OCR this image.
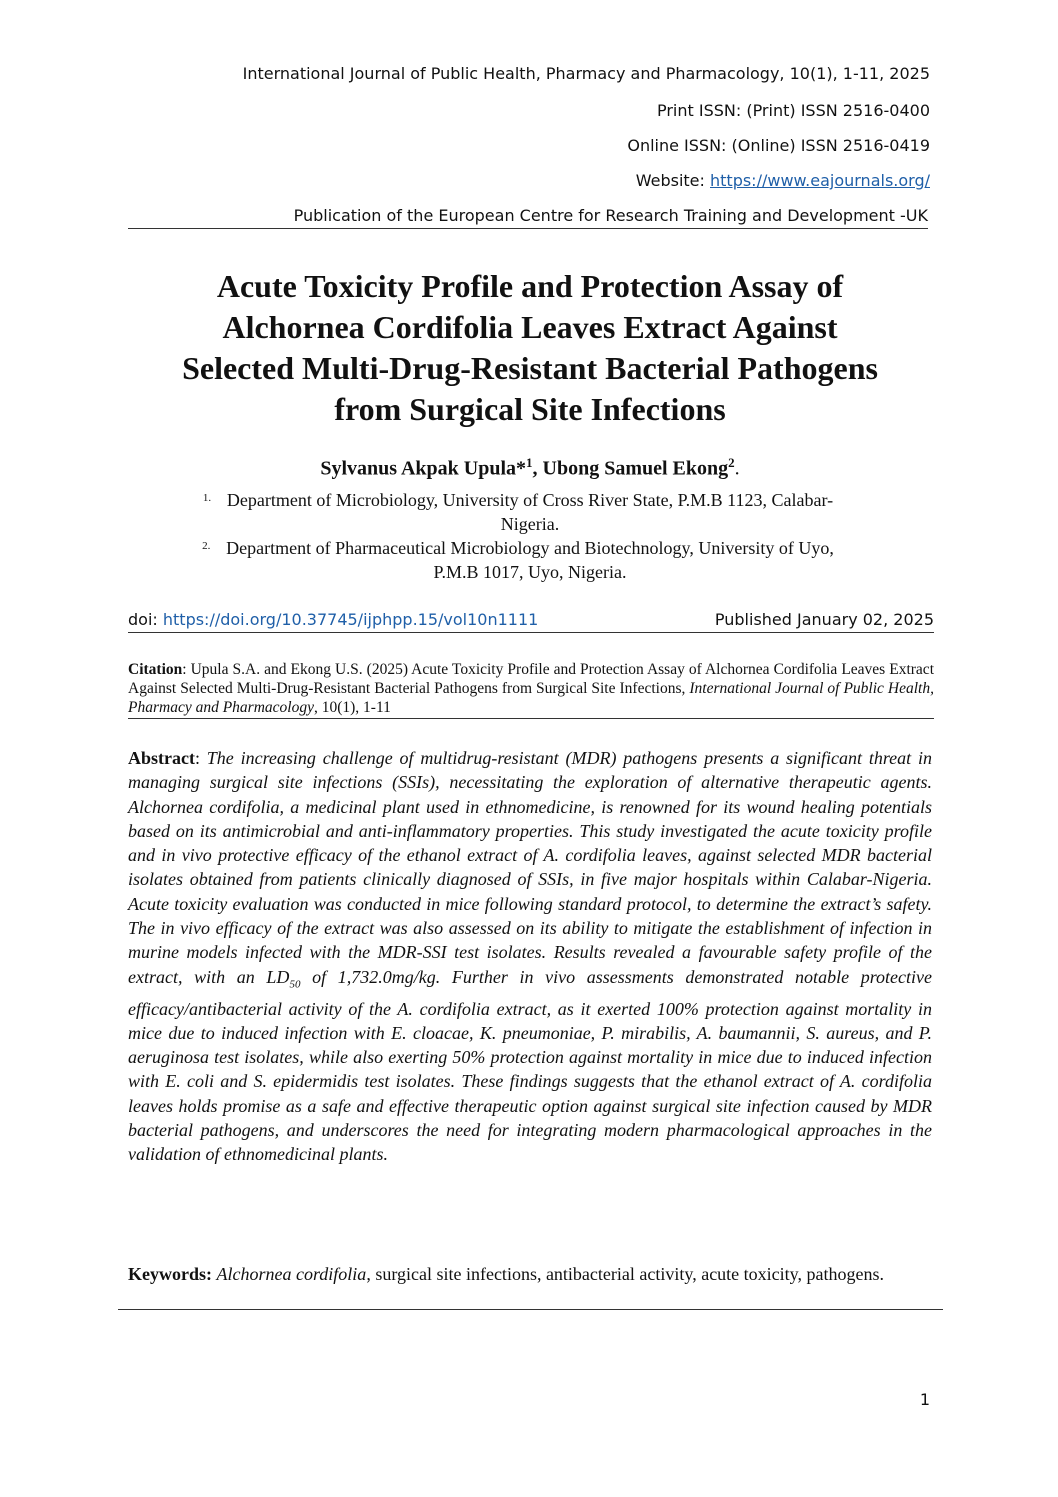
International Journal of Public Health, Pharmacy and Pharmacology, 10(1), 1-11, 2025
Print ISSN: (Print) ISSN 2516-0400
Online ISSN: (Online) ISSN 2516-0419
Website: https://www.eajournals.org/
Publication of the European Centre for Research Training and Development -UK
Acute Toxicity Profile and Protection Assay of
Alchornea Cordifolia Leaves Extract Against
Selected Multi-Drug-Resistant Bacterial Pathogens
from Surgical Site Infections
Sylvanus Akpak Upula*$^1$, Ubong Samuel Ekong$^2$.
1. Department of Microbiology, University of Cross River State, P.M.B 1123, Calabar-
Nigeria.
2. Department of Pharmaceutical Microbiology and Biotechnology, University of Uyo,
P.M.B 1017, Uyo, Nigeria.
doi: https://doi.org/10.37745/ijphpp.15/vol10n1111	Published January 02, 2025
Citation: Upula S.A. and Ekong U.S. (2025) Acute Toxicity Profile and Protection Assay of Alchornea Cordifolia Leaves Extract Against Selected Multi-Drug-Resistant Bacterial Pathogens from Surgical Site Infections, International Journal of Public Health, Pharmacy and Pharmacology, 10(1), 1-11
Abstract: The increasing challenge of multidrug-resistant (MDR) pathogens presents a significant threat in managing surgical site infections (SSIs), necessitating the exploration of alternative therapeutic agents. Alchornea cordifolia, a medicinal plant used in ethnomedicine, is renowned for its wound healing potentials based on its antimicrobial and anti-inflammatory properties. This study investigated the acute toxicity profile and in vivo protective efficacy of the ethanol extract of A. cordifolia leaves, against selected MDR bacterial isolates obtained from patients clinically diagnosed of SSIs, in five major hospitals within Calabar-Nigeria. Acute toxicity evaluation was conducted in mice following standard protocol, to determine the extract’s safety. The in vivo efficacy of the extract was also assessed on its ability to mitigate the establishment of infection in murine models infected with the MDR-SSI test isolates. Results revealed a favourable safety profile of the extract, with an $LD_{50}$ of 1,732.0mg/kg. Further in vivo assessments demonstrated notable protective efficacy/antibacterial activity of the A. cordifolia extract, as it exerted 100% protection against mortality in mice due to induced infection with E. cloacae, K. pneumoniae, P. mirabilis, A. baumannii, S. aureus, and P. aeruginosa test isolates, while also exerting 50% protection against mortality in mice due to induced infection with E. coli and S. epidermidis test isolates. These findings suggests that the ethanol extract of A. cordifolia leaves holds promise as a safe and effective therapeutic option against surgical site infection caused by MDR bacterial pathogens, and underscores the need for integrating modern pharmacological approaches in the validation of ethnomedicinal plants.
Keywords: Alchornea cordifolia, surgical site infections, antibacterial activity, acute toxicity, pathogens.
1
